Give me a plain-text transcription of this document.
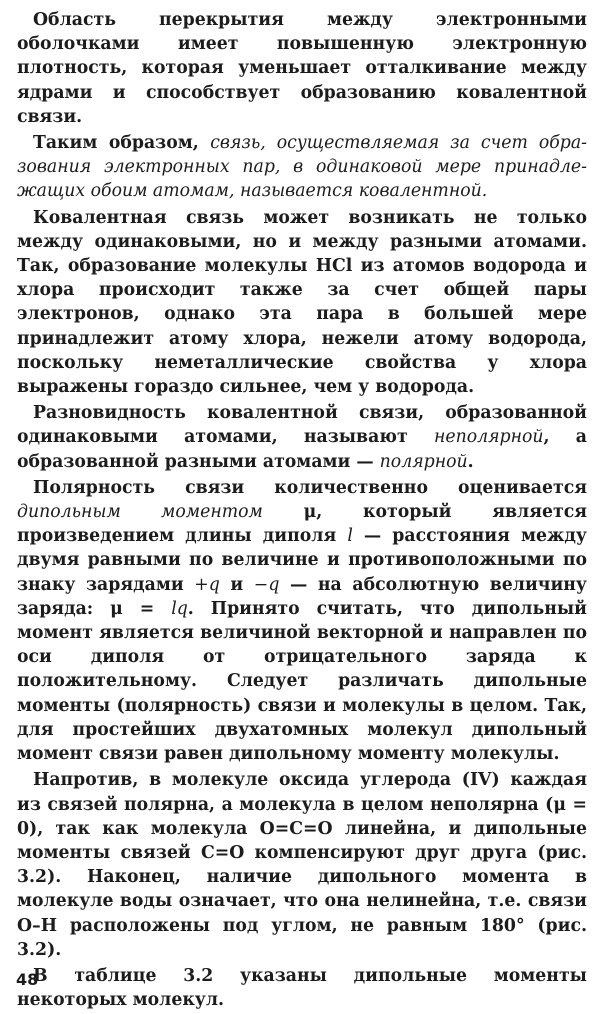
Область перекрытия между электронными оболочками имеет повышенную электронную плотность, которая уменьшает отталкивание между ядрами и способствует образованию ковалентной связи.

Таким образом, связь, осуществляемая за счет образования электронных пар, в одинаковой мере принадлежащих обоим атомам, называется ковалентной.

Ковалентная связь может возникать не только между одинаковыми, но и между разными атомами. Так, образование молекулы HCl из атомов водорода и хлора происходит также за счет общей пары электронов, однако эта пара в большей мере принадлежит атому хлора, нежели атому водорода, поскольку неметаллические свойства у хлора выражены гораздо сильнее, чем у водорода.

Разновидность ковалентной связи, образованной одинаковыми атомами, называют неполярной, а образованной разными атомами — полярной.

Полярность связи количественно оценивается дипольным моментом μ, который является произведением длины диполя l — расстояния между двумя равными по величине и противоположными по знаку зарядами +q и −q — на абсолютную величину заряда: μ = lq. Принято считать, что дипольный момент является величиной векторной и направлен по оси диполя от отрицательного заряда к положительному. Следует различать дипольные моменты (полярность) связи и молекулы в целом. Так, для простейших двухатомных молекул дипольный момент связи равен дипольному моменту молекулы.

Напротив, в молекуле оксида углерода (IV) каждая из связей полярна, а молекула в целом неполярна (μ = 0), так как молекула O=C=O линейна, и дипольные моменты связей C=O компенсируют друг друга (рис. 3.2). Наконец, наличие дипольного момента в молекуле воды означает, что она нелинейна, т.е. связи O–H расположены под углом, не равным 180° (рис. 3.2).

В таблице 3.2 указаны дипольные моменты некоторых молекул.

48
